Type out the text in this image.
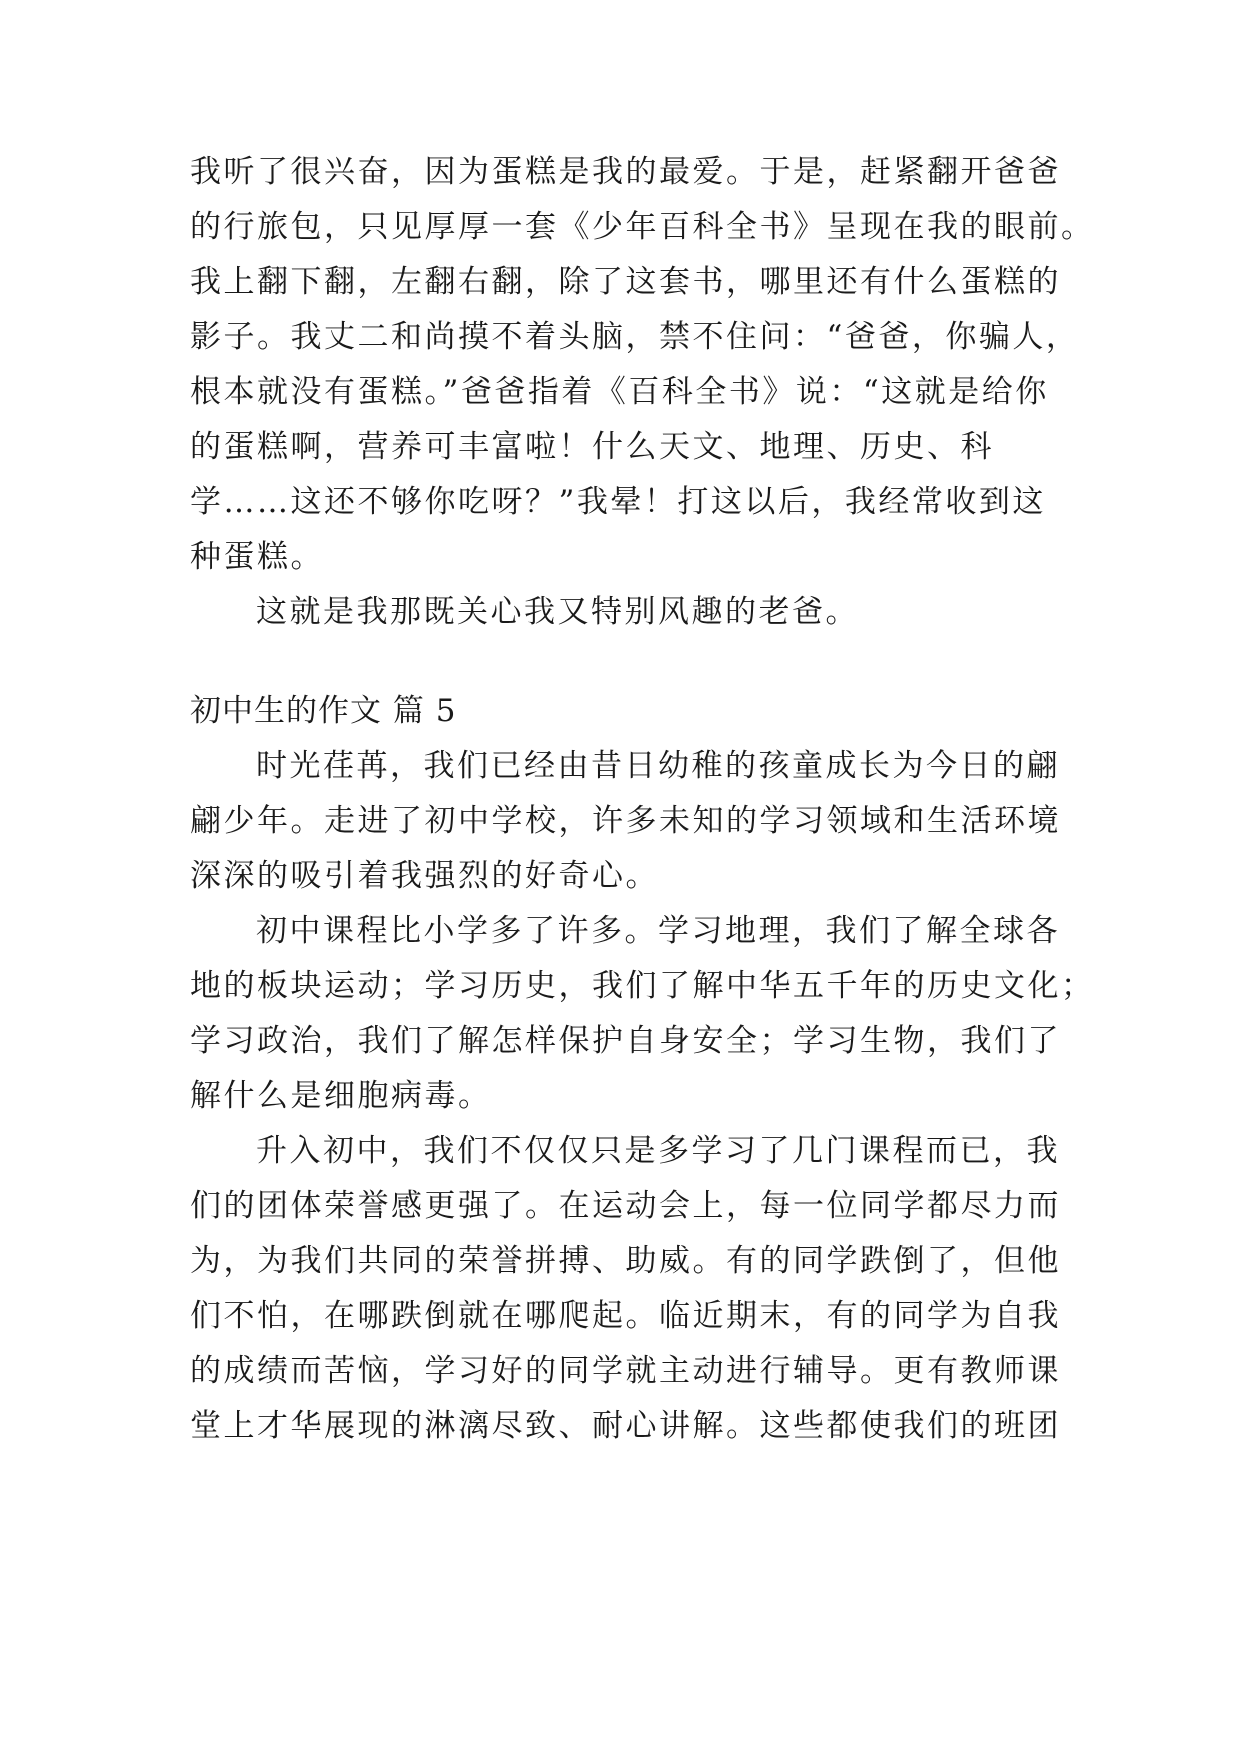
我听了很兴奋，因为蛋糕是我的最爱。于是，赶紧翻开爸爸
的行旅包，只见厚厚一套《少年百科全书》呈现在我的眼前。
我上翻下翻，左翻右翻，除了这套书，哪里还有什么蛋糕的
影子。我丈二和尚摸不着头脑，禁不住问：“爸爸，你骗人，
根本就没有蛋糕。”爸爸指着《百科全书》说：“这就是给你
的蛋糕啊，营养可丰富啦！什么天文、地理、历史、科
学……这还不够你吃呀？”我晕！打这以后，我经常收到这
种蛋糕。
这就是我那既关心我又特别风趣的老爸。
初中生的作文 篇 5
时光荏苒，我们已经由昔日幼稚的孩童成长为今日的翩
翩少年。走进了初中学校，许多未知的学习领域和生活环境
深深的吸引着我强烈的好奇心。
初中课程比小学多了许多。学习地理，我们了解全球各
地的板块运动；学习历史，我们了解中华五千年的历史文化；
学习政治，我们了解怎样保护自身安全；学习生物，我们了
解什么是细胞病毒。
升入初中，我们不仅仅只是多学习了几门课程而已，我
们的团体荣誉感更强了。在运动会上，每一位同学都尽力而
为，为我们共同的荣誉拼搏、助威。有的同学跌倒了，但他
们不怕，在哪跌倒就在哪爬起。临近期末，有的同学为自我
的成绩而苦恼，学习好的同学就主动进行辅导。更有教师课
堂上才华展现的淋漓尽致、耐心讲解。这些都使我们的班团
